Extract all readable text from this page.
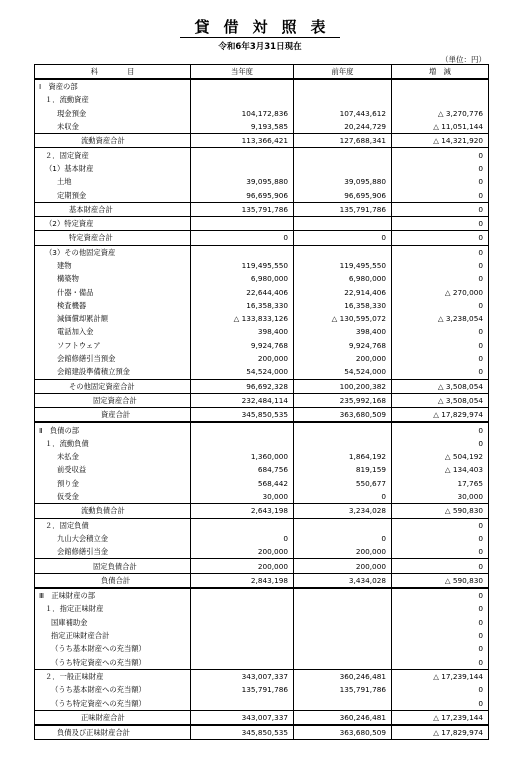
貸借対照表
令和6年3月31日現在
（単位：円）
科　　　　目	当年度	前年度	増　減
Ⅰ　資産の部			
１．流動資産			
現金預金	104,172,836	107,443,612	△ 3,270,776
未収金	9,193,585	20,244,729	△ 11,051,144
流動資産合計	113,366,421	127,688,341	△ 14,321,920
２．固定資産			0
（1）基本財産			0
土地	39,095,880	39,095,880	0
定期預金	96,695,906	96,695,906	0
基本財産合計	135,791,786	135,791,786	0
（2）特定資産			0
特定資産合計	0	0	0
（3）その他固定資産			0
建物	119,495,550	119,495,550	0
構築物	6,980,000	6,980,000	0
什器・備品	22,644,406	22,914,406	△ 270,000
検査機器	16,358,330	16,358,330	0
減価償却累計額	△ 133,833,126	△ 130,595,072	△ 3,238,054
電話加入金	398,400	398,400	0
ソフトウェア	9,924,768	9,924,768	0
会館修繕引当預金	200,000	200,000	0
会館建設準備積立預金	54,524,000	54,524,000	0
その他固定資産合計	96,692,328	100,200,382	△ 3,508,054
固定資産合計	232,484,114	235,992,168	△ 3,508,054
資産合計	345,850,535	363,680,509	△ 17,829,974
Ⅱ　負債の部			0
１．流動負債			0
未払金	1,360,000	1,864,192	△ 504,192
前受収益	684,756	819,159	△ 134,403
預り金	568,442	550,677	17,765
仮受金	30,000	0	30,000
流動負債合計	2,643,198	3,234,028	△ 590,830
２．固定負債			0
九山大会積立金	0	0	0
会館修繕引当金	200,000	200,000	0
固定負債合計	200,000	200,000	0
負債合計	2,843,198	3,434,028	△ 590,830
Ⅲ　正味財産の部			0
１．指定正味財産			0
国庫補助金			0
指定正味財産合計			0
（うち基本財産への充当額）			0
（うち特定資産への充当額）			0
２．一般正味財産	343,007,337	360,246,481	△ 17,239,144
（うち基本財産への充当額）	135,791,786	135,791,786	0
（うち特定資産への充当額）			0
正味財産合計	343,007,337	360,246,481	△ 17,239,144
負債及び正味財産合計	345,850,535	363,680,509	△ 17,829,974
